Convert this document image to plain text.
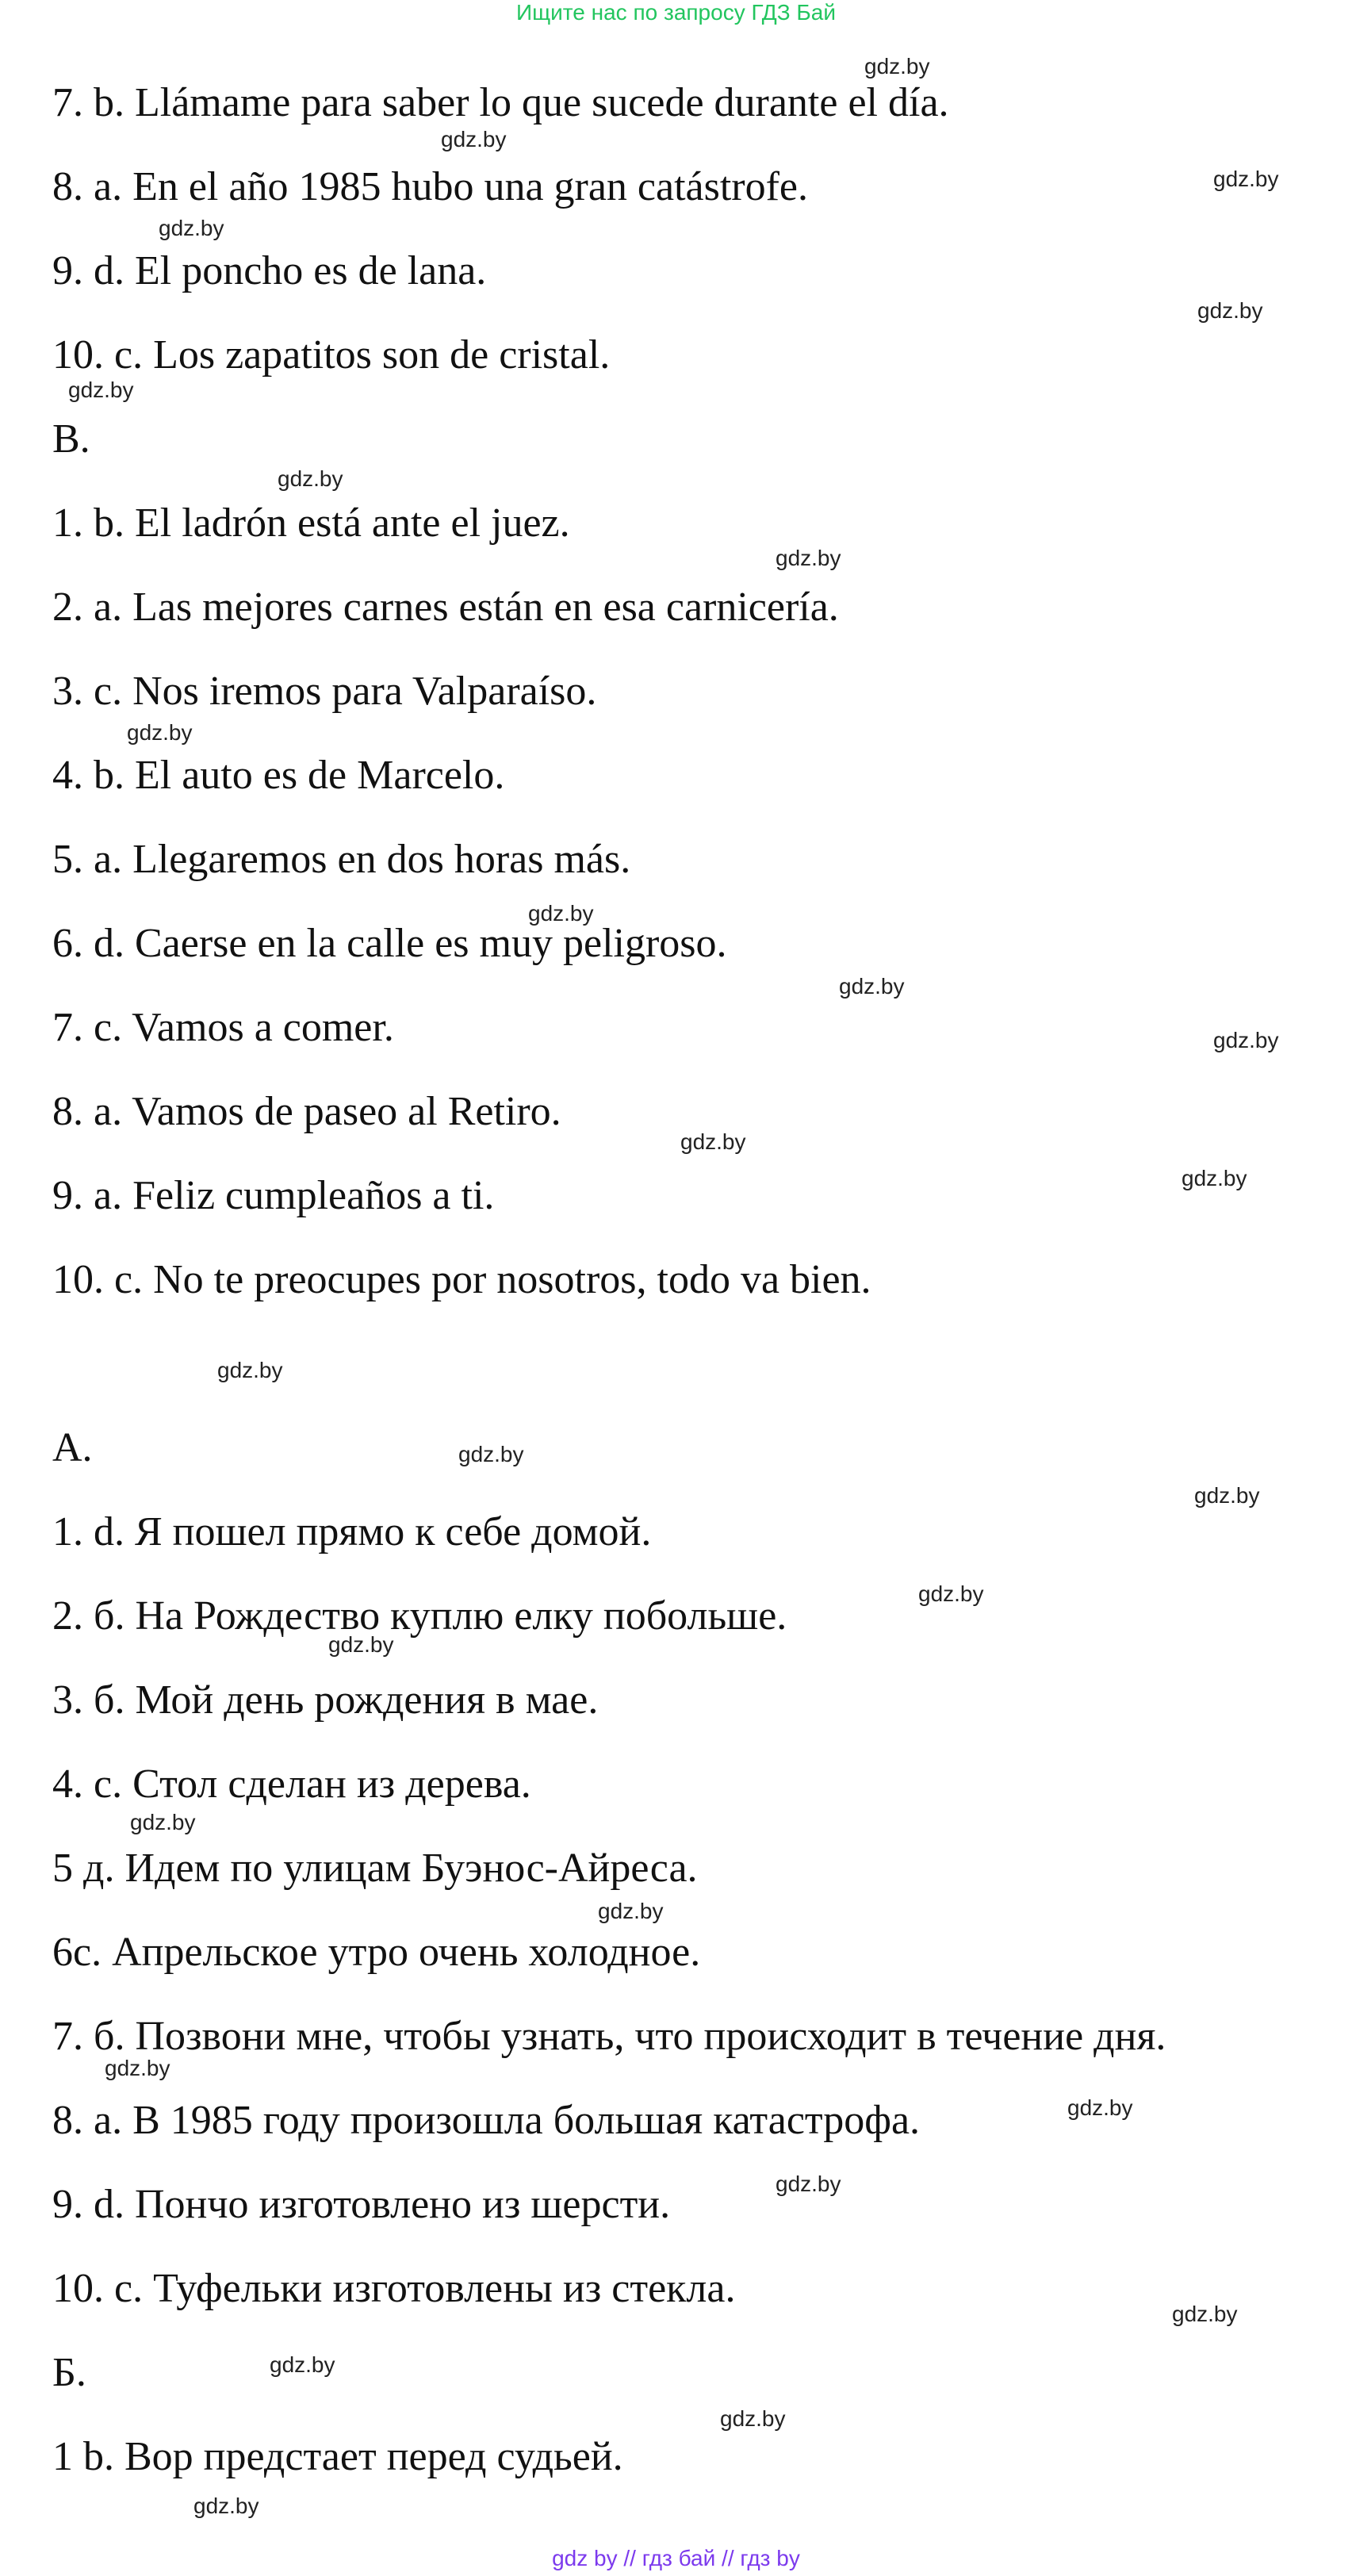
Ищите нас по запросу ГДЗ Бай
7. b. Llámame para saber lo que sucede durante el día.
8. a. En el año 1985 hubo una gran catástrofe.
9. d. El poncho es de lana.
10. c. Los zapatitos son de cristal.
B.
1. b. El ladrón está ante el juez.
2. a. Las mejores carnes están en esa carnicería.
3. c. Nos iremos para Valparaíso.
4. b. El auto es de Marcelo.
5. a. Llegaremos en dos horas más.
6. d. Caerse en la calle es muy peligroso.
7. c. Vamos a comer.
8. a. Vamos de paseo al Retiro.
9. a. Feliz cumpleaños a ti.
10. c. No te preocupes por nosotros, todo va bien.
A.
1. d. Я пошел прямо к себе домой.
2. б. На Рождество куплю елку побольше.
3. б. Мой день рождения в мае.
4. с. Стол сделан из дерева.
5 д. Идем по улицам Буэнос-Айреса.
6с. Апрельское утро очень холодное.
7. б. Позвони мне, чтобы узнать, что происходит в течение дня.
8. а. В 1985 году произошла большая катастрофа.
9. d. Пончо изготовлено из шерсти.
10. с. Туфельки изготовлены из стекла.
Б.
1 b. Вор предстает перед судьей.
gdz.by
gdz.by
gdz.by
gdz.by
gdz.by
gdz.by
gdz.by
gdz.by
gdz.by
gdz.by
gdz.by
gdz.by
gdz.by
gdz.by
gdz.by
gdz.by
gdz.by
gdz.by
gdz.by
gdz.by
gdz.by
gdz.by
gdz.by
gdz.by
gdz.by
gdz.by
gdz.by
gdz.by
gdz by // гдз бай // гдз by
